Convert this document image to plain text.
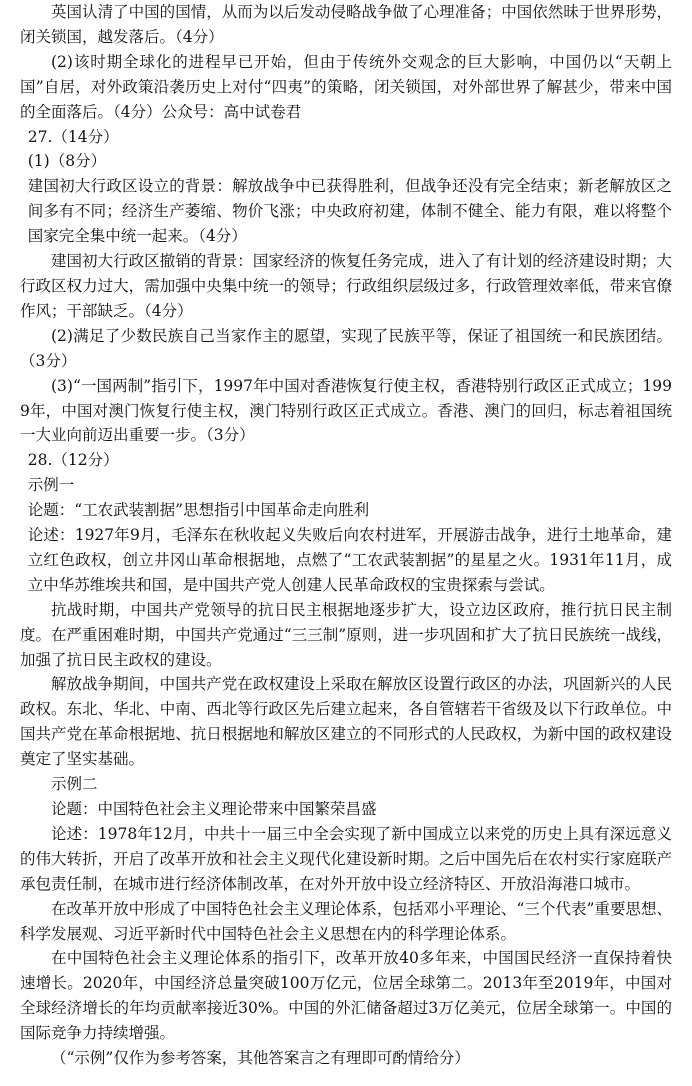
英国认清了中国的国情，从而为以后发动侵略战争做了心理准备；中国依然昧于世界形势，闭关锁国，越发落后。（4分）

(2)该时期全球化的进程早已开始，但由于传统外交观念的巨大影响，中国仍以“天朝上国”自居，对外政策沿袭历史上对付“四夷”的策略，闭关锁国，对外部世界了解甚少，带来中国的全面落后。（4分）公众号：高中试卷君

27.（14分）

(1)（8分）

建国初大行政区设立的背景：解放战争中已获得胜利，但战争还没有完全结束；新老解放区之间多有不同；经济生产萎缩、物价飞涨；中央政府初建，体制不健全、能力有限，难以将整个国家完全集中统一起来。（4分）

建国初大行政区撤销的背景：国家经济的恢复任务完成，进入了有计划的经济建设时期；大行政区权力过大，需加强中央集中统一的领导；行政组织层级过多，行政管理效率低，带来官僚作风；干部缺乏。（4分）

(2)满足了少数民族自己当家作主的愿望，实现了民族平等，保证了祖国统一和民族团结。（3分）

(3)“一国两制”指引下，1997年中国对香港恢复行使主权，香港特别行政区正式成立；1999年，中国对澳门恢复行使主权，澳门特别行政区正式成立。香港、澳门的回归，标志着祖国统一大业向前迈出重要一步。（3分）

28.（12分）

示例一

论题：“工农武装割据”思想指引中国革命走向胜利

论述：1927年9月，毛泽东在秋收起义失败后向农村进军，开展游击战争，进行土地革命，建立红色政权，创立井冈山革命根据地，点燃了“工农武装割据”的星星之火。1931年11月，成立中华苏维埃共和国，是中国共产党人创建人民革命政权的宝贵探索与尝试。

抗战时期，中国共产党领导的抗日民主根据地逐步扩大，设立边区政府，推行抗日民主制度。在严重困难时期，中国共产党通过“三三制”原则，进一步巩固和扩大了抗日民族统一战线，加强了抗日民主政权的建设。

解放战争期间，中国共产党在政权建设上采取在解放区设置行政区的办法，巩固新兴的人民政权。东北、华北、中南、西北等行政区先后建立起来，各自管辖若干省级及以下行政单位。中国共产党在革命根据地、抗日根据地和解放区建立的不同形式的人民政权，为新中国的政权建设奠定了坚实基础。

示例二

论题：中国特色社会主义理论带来中国繁荣昌盛

论述：1978年12月，中共十一届三中全会实现了新中国成立以来党的历史上具有深远意义的伟大转折，开启了改革开放和社会主义现代化建设新时期。之后中国先后在农村实行家庭联产承包责任制，在城市进行经济体制改革，在对外开放中设立经济特区、开放沿海港口城市。

在改革开放中形成了中国特色社会主义理论体系，包括邓小平理论、“三个代表”重要思想、科学发展观、习近平新时代中国特色社会主义思想在内的科学理论体系。

在中国特色社会主义理论体系的指引下，改革开放40多年来，中国国民经济一直保持着快速增长。2020年，中国经济总量突破100万亿元，位居全球第二。2013年至2019年，中国对全球经济增长的年均贡献率接近30%。中国的外汇储备超过3万亿美元，位居全球第一。中国的国际竞争力持续增强。

（“示例”仅作为参考答案，其他答案言之有理即可酌情给分）
